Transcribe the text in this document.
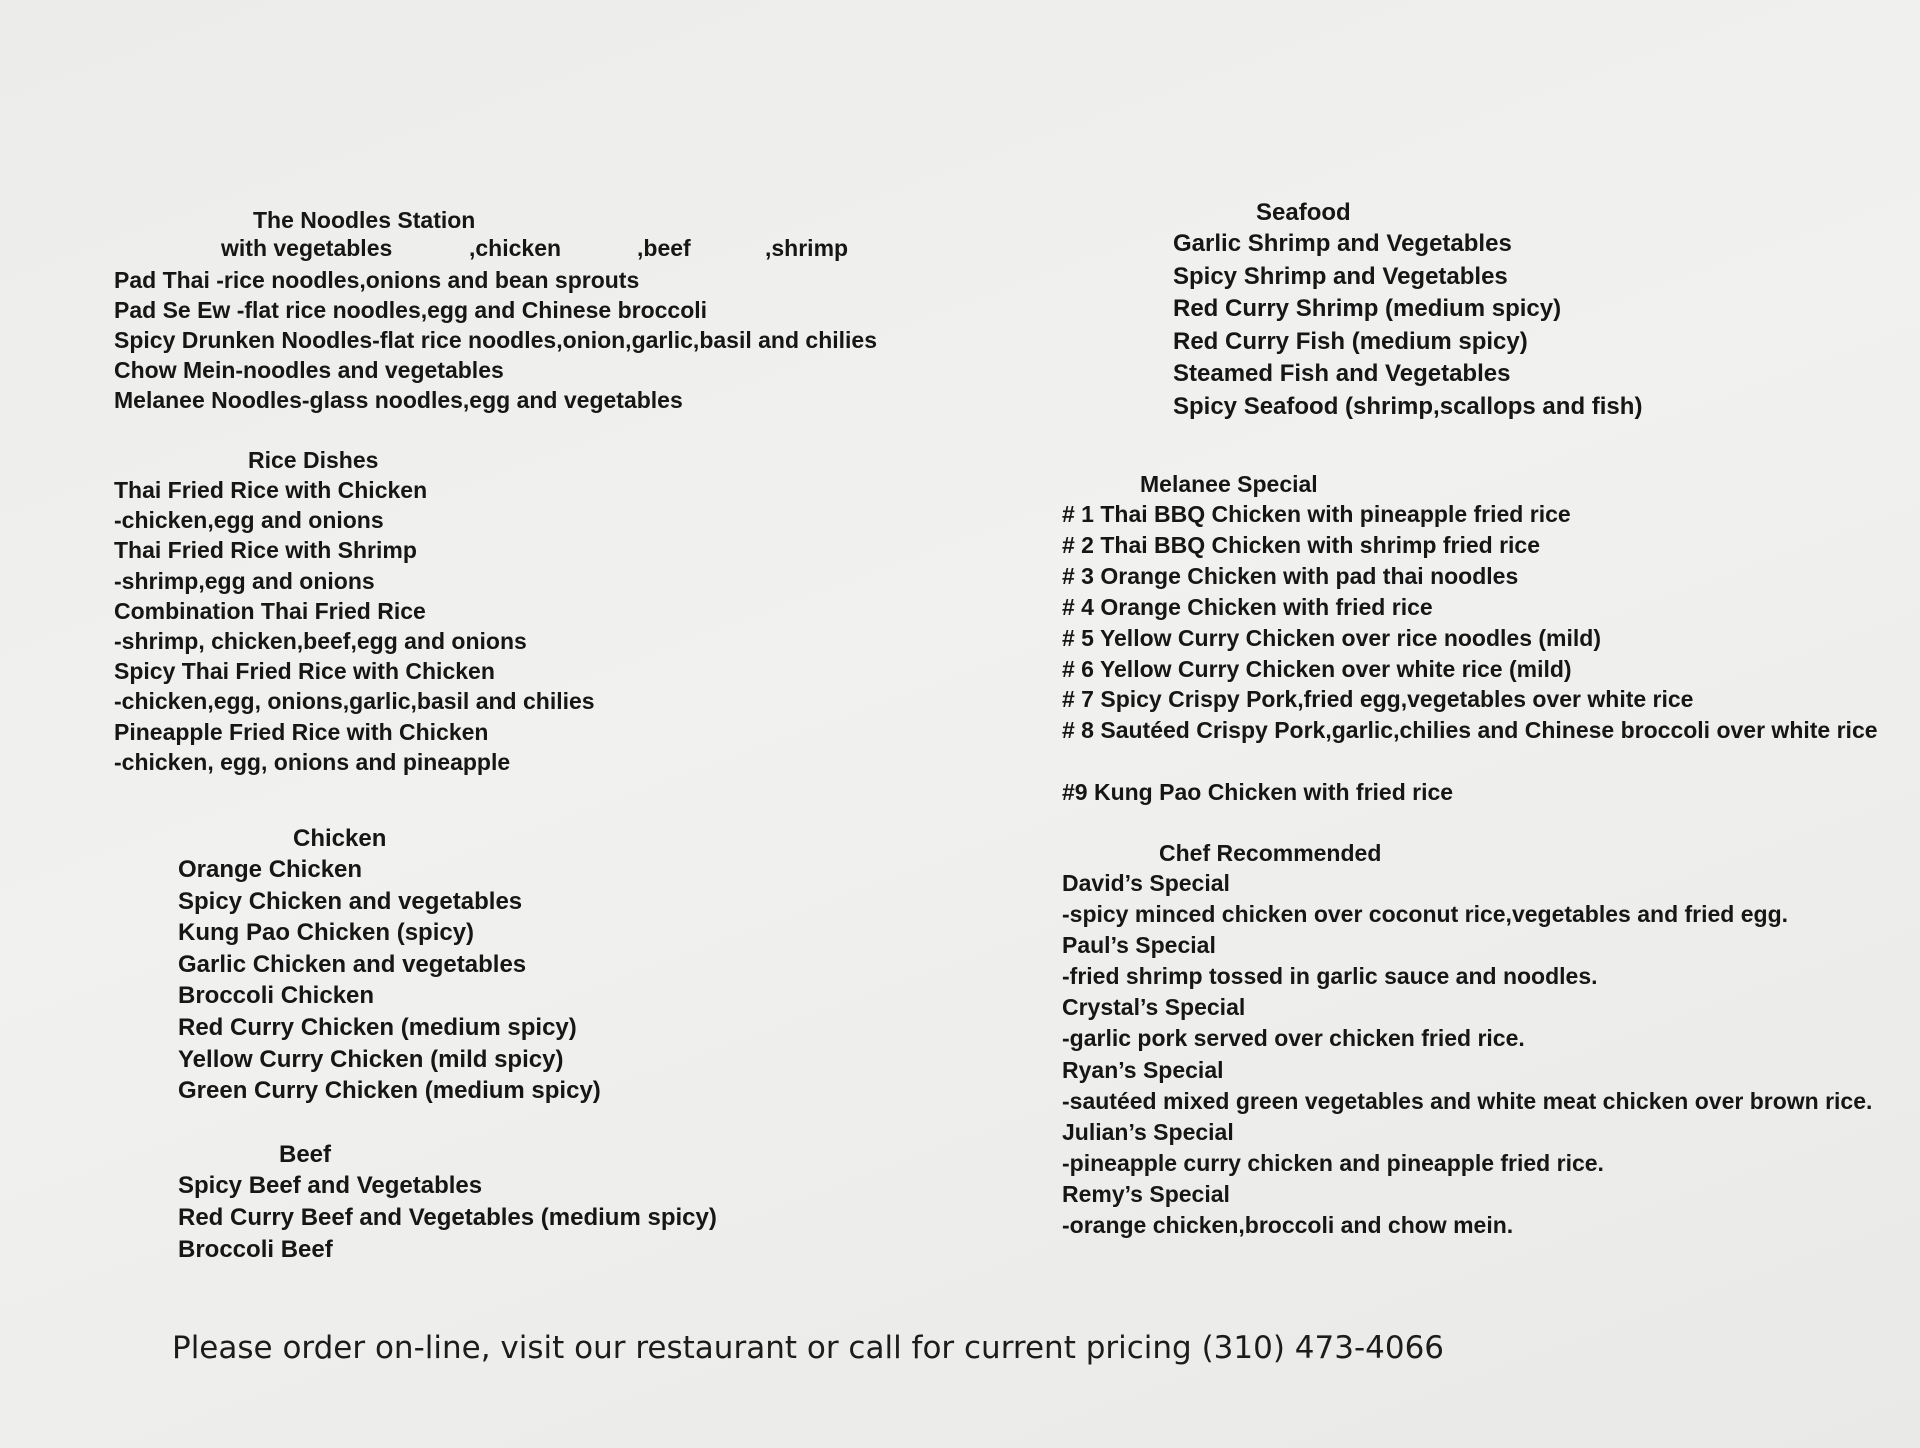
The Noodles Station
with vegetables	,chicken	,beef	,shrimp
Pad Thai -rice noodles,onions and bean sprouts
Pad Se Ew -flat rice noodles,egg and Chinese broccoli
Spicy Drunken Noodles-flat rice noodles,onion,garlic,basil and chilies
Chow Mein-noodles and vegetables
Melanee Noodles-glass noodles,egg and vegetables
Rice Dishes
Thai Fried Rice with Chicken
-chicken,egg and onions
Thai Fried Rice with Shrimp
-shrimp,egg and onions
Combination Thai Fried Rice
-shrimp, chicken,beef,egg and onions
Spicy Thai Fried Rice with Chicken
-chicken,egg, onions,garlic,basil and chilies
Pineapple Fried Rice with Chicken
-chicken, egg, onions and pineapple
Chicken
Orange Chicken
Spicy Chicken and vegetables
Kung Pao Chicken (spicy)
Garlic Chicken and vegetables
Broccoli Chicken
Red Curry Chicken (medium spicy)
Yellow Curry Chicken (mild spicy)
Green Curry Chicken (medium spicy)
Beef
Spicy Beef and Vegetables
Red Curry Beef and Vegetables (medium spicy)
Broccoli Beef
Seafood
Garlic Shrimp and Vegetables
Spicy Shrimp and Vegetables
Red Curry Shrimp (medium spicy)
Red Curry Fish (medium spicy)
Steamed Fish and Vegetables
Spicy Seafood (shrimp,scallops and fish)
Melanee Special
# 1 Thai BBQ Chicken with pineapple fried rice
# 2 Thai BBQ Chicken with shrimp fried rice
# 3 Orange Chicken with pad thai noodles
# 4 Orange Chicken with fried rice
# 5 Yellow Curry Chicken over rice noodles (mild)
# 6 Yellow Curry Chicken over white rice (mild)
# 7 Spicy Crispy Pork,fried egg,vegetables over white rice
# 8 Sautéed Crispy Pork,garlic,chilies and Chinese broccoli over white rice
#9 Kung Pao Chicken with fried rice
Chef Recommended
David’s Special
-spicy minced chicken over coconut rice,vegetables and fried egg.
Paul’s Special
-fried shrimp tossed in garlic sauce and noodles.
Crystal’s Special
-garlic pork served over chicken fried rice.
Ryan’s Special
-sautéed mixed green vegetables and white meat chicken over brown rice.
Julian’s Special
-pineapple curry chicken and pineapple fried rice.
Remy’s Special
-orange chicken,broccoli and chow mein.
Please order on-line, visit our restaurant or call for current pricing (310) 473-4066
